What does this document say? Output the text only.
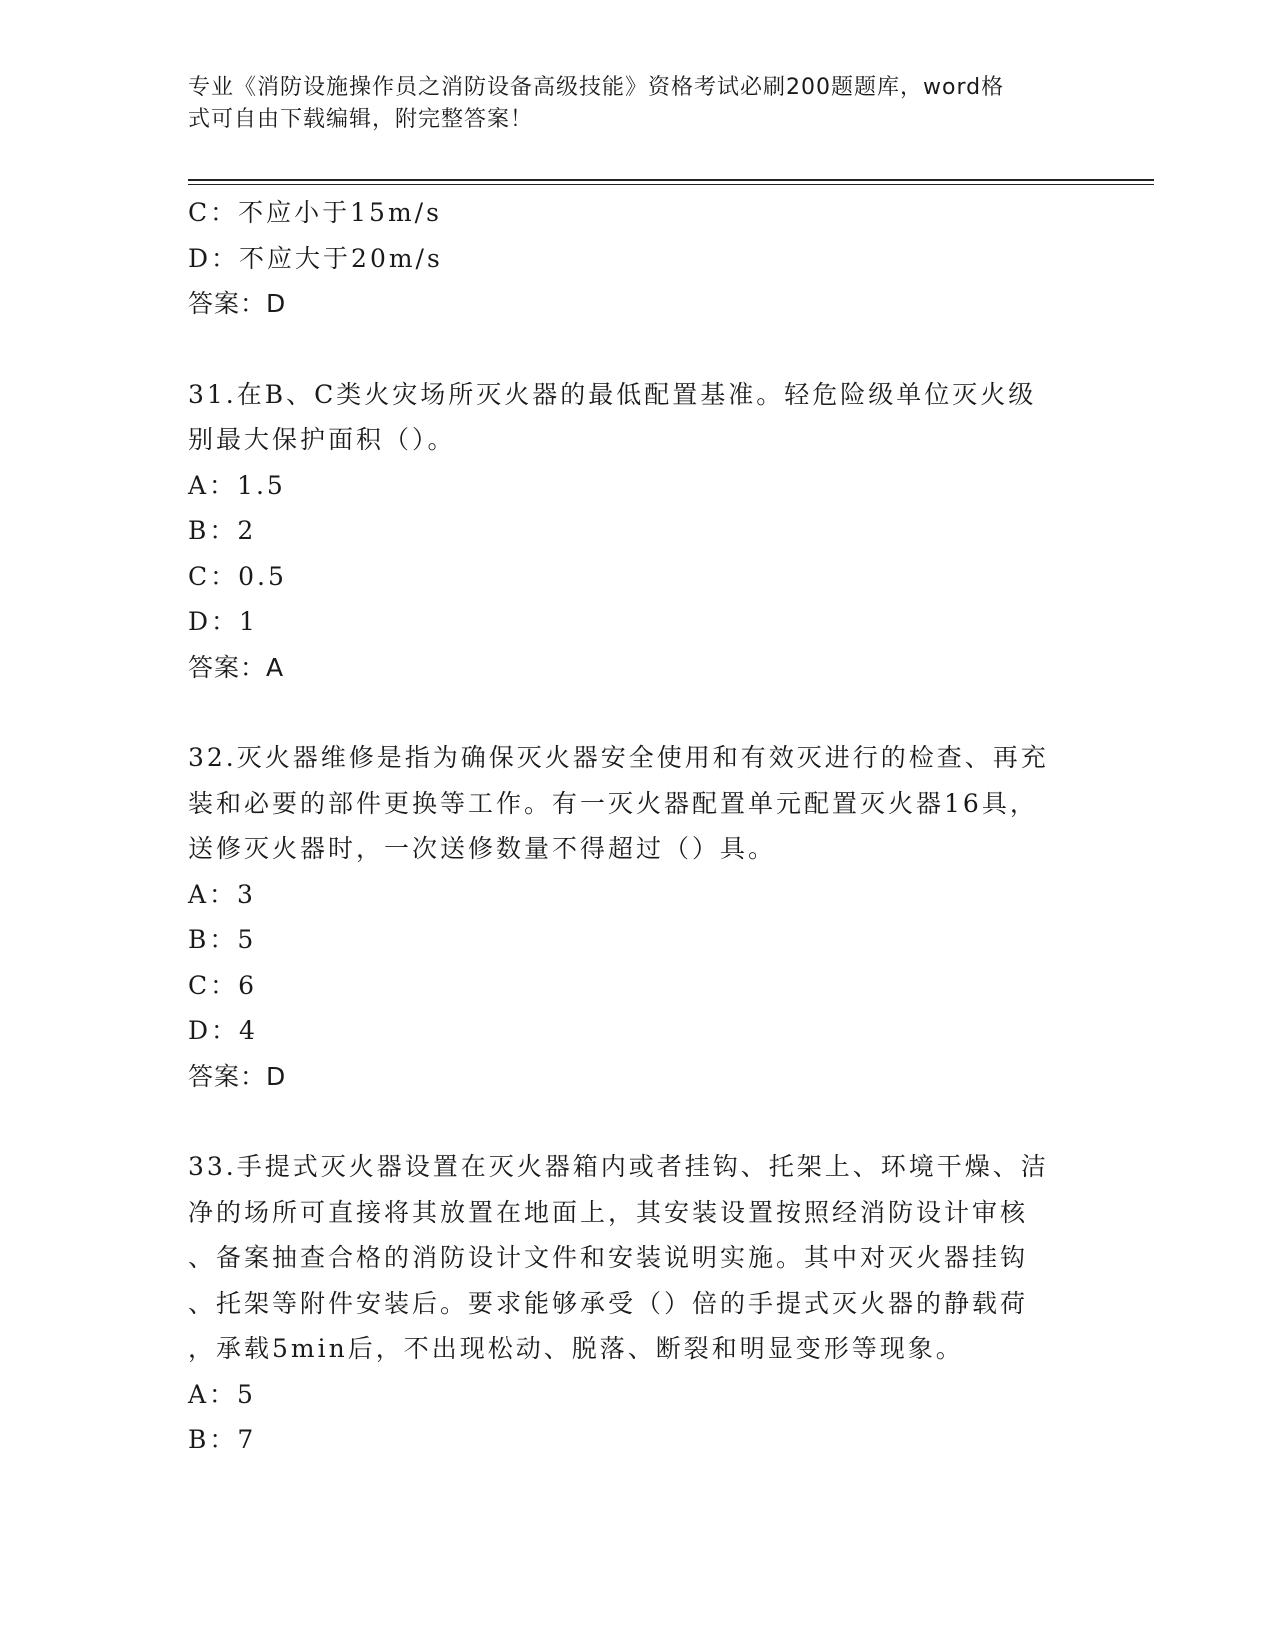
专业《消防设施操作员之消防设备高级技能》资格考试必刷200题题库，word格
式可自由下载编辑，附完整答案！
C：不应小于15m/s
D：不应大于20m/s
答案：D
31.在B、C类火灾场所灭火器的最低配置基准。轻危险级单位灭火级
别最大保护面积（）。
A：1.5
B：2
C：0.5
D：1
答案：A
32.灭火器维修是指为确保灭火器安全使用和有效灭进行的检查、再充
装和必要的部件更换等工作。有一灭火器配置单元配置灭火器16具，
送修灭火器时，一次送修数量不得超过（）具。
A：3
B：5
C：6
D：4
答案：D
33.手提式灭火器设置在灭火器箱内或者挂钩、托架上、环境干燥、洁
净的场所可直接将其放置在地面上，其安装设置按照经消防设计审核
、备案抽查合格的消防设计文件和安装说明实施。其中对灭火器挂钩
、托架等附件安装后。要求能够承受（）倍的手提式灭火器的静载荷
，承载5min后，不出现松动、脱落、断裂和明显变形等现象。
A：5
B：7
